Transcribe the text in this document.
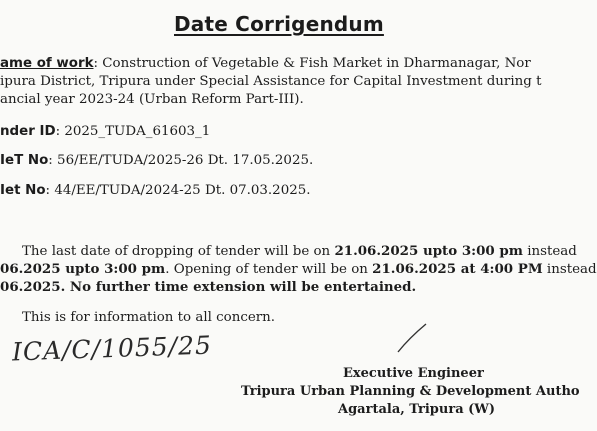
Date Corrigendum
ame of work: Construction of Vegetable & Fish Market in Dharmanagar, Nor
ipura District, Tripura under Special Assistance for Capital Investment during t
ancial year 2023-24 (Urban Reform Part-III).
nder ID: 2025_TUDA_61603_1
IeT No: 56/EE/TUDA/2025-26 Dt. 17.05.2025.
Iet No: 44/EE/TUDA/2024-25 Dt. 07.03.2025.
The last date of dropping of tender will be on 21.06.2025 upto 3:00 pm instead
06.2025 upto 3:00 pm. Opening of tender will be on 21.06.2025 at 4:00 PM instead
06.2025. No further time extension will be entertained.
This is for information to all concern.
ICA/C/1055/25
Executive Engineer
Tripura Urban Planning & Development Autho
Agartala, Tripura (W)
